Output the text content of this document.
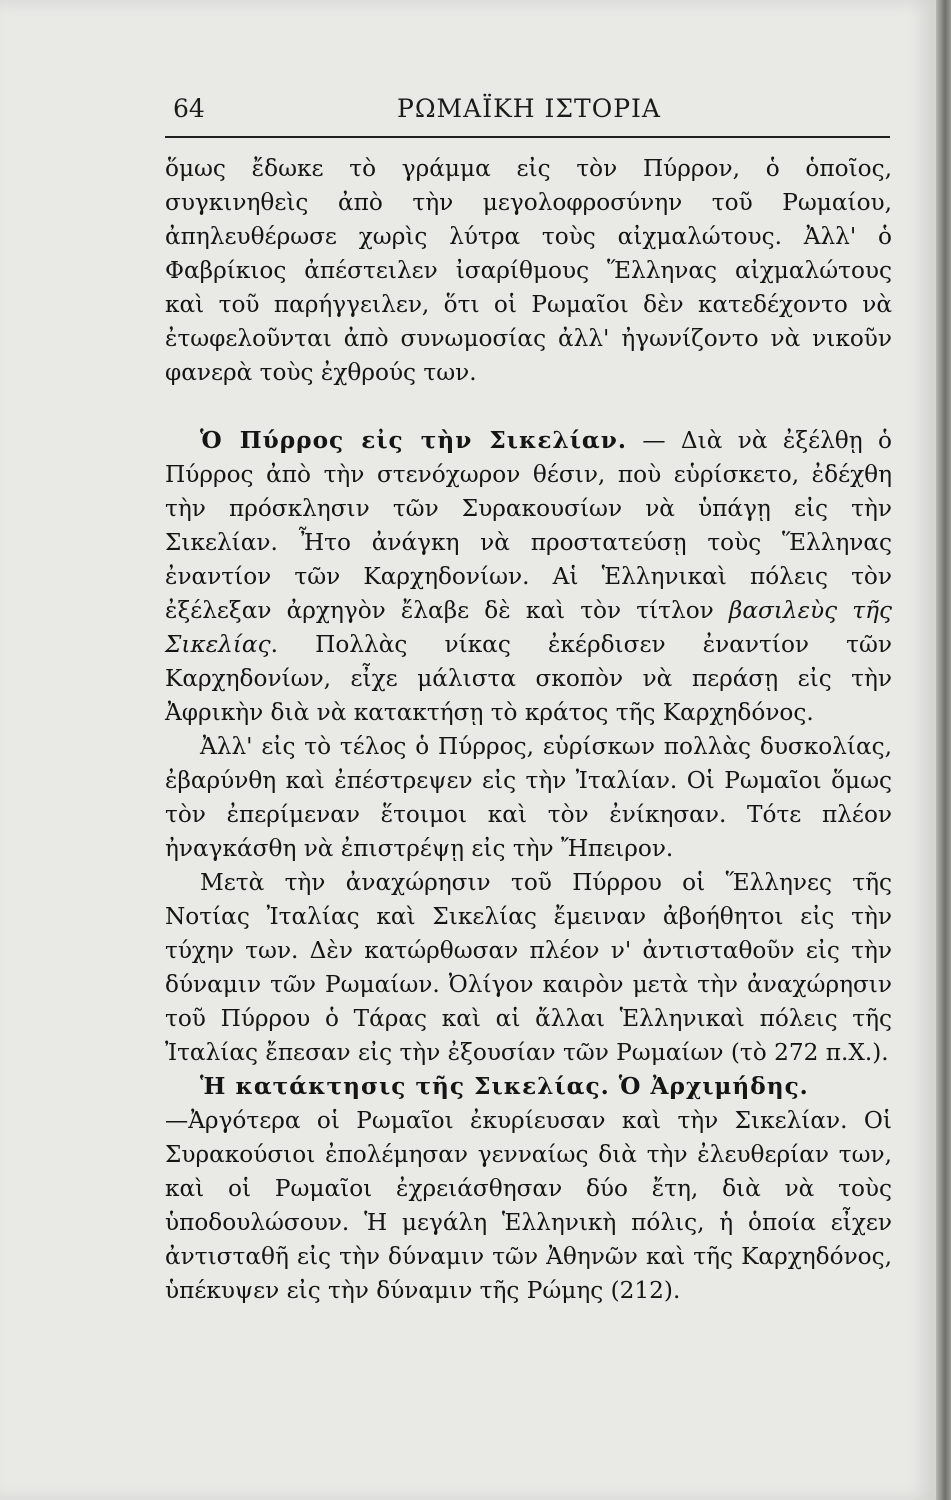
64	ΡΩΜΑΪΚΗ ΙΣΤΟΡΙΑ

ὅμως ἔδωκε τὸ γράμμα εἰς τὸν Πύρρον, ὁ ὁποῖος, συγκινηθεὶς ἀπὸ τὴν μεγολοφροσύνην τοῦ Ρωμαίου, ἀπηλευθέρωσε χωρὶς λύτρα τοὺς αἰχμαλώτους. Ἀλλ' ὁ Φαβρίκιος ἀπέστειλεν ἰσαρίθμους Ἕλληνας αἰχμαλώτους καὶ τοῦ παρήγγειλεν, ὅτι οἱ Ρωμαῖοι δὲν κατεδέχοντο νὰ ἐτωφελοῦνται ἀπὸ συνωμοσίας ἀλλ' ἠγωνίζοντο νὰ νικοῦν φανερὰ τοὺς ἐχθρούς των.

Ὁ Πύρρος εἰς τὴν Σικελίαν. — Διὰ νὰ ἐξέλθῃ ὁ Πύρρος ἀπὸ τὴν στενόχωρον θέσιν, ποὺ εὑρίσκετο, ἐδέχθη τὴν πρόσκλησιν τῶν Συρακουσίων νὰ ὑπάγῃ εἰς τὴν Σικελίαν. Ἦτο ἀνάγκη νὰ προστατεύσῃ τοὺς Ἕλληνας ἐναντίον τῶν Καρχηδονίων. Αἱ Ἑλληνικαὶ πόλεις τὸν ἐξέλεξαν ἀρχηγὸν ἔλαβε δὲ καὶ τὸν τίτλον βασιλεὺς τῆς Σικελίας. Πολλὰς νίκας ἐκέρδισεν ἐναντίον τῶν Καρχηδονίων, εἶχε μάλιστα σκοπὸν νὰ περάσῃ εἰς τὴν Ἀφρικὴν διὰ νὰ κατακτήσῃ τὸ κράτος τῆς Καρχηδόνος.

Ἀλλ' εἰς τὸ τέλος ὁ Πύρρος, εὑρίσκων πολλὰς δυσκολίας, ἐβαρύνθη καὶ ἐπέστρεψεν εἰς τὴν Ἰταλίαν. Οἱ Ρωμαῖοι ὅμως τὸν ἐπερίμεναν ἕτοιμοι καὶ τὸν ἐνίκησαν. Τότε πλέον ἠναγκάσθη νὰ ἐπιστρέψῃ εἰς τὴν Ἤπειρον.

Μετὰ τὴν ἀναχώρησιν τοῦ Πύρρου οἱ Ἕλληνες τῆς Νοτίας Ἰταλίας καὶ Σικελίας ἔμειναν ἀβοήθητοι εἰς τὴν τύχην των. Δὲν κατώρθωσαν πλέον ν' ἀντισταθοῦν εἰς τὴν δύναμιν τῶν Ρωμαίων. Ὀλίγον καιρὸν μετὰ τὴν ἀναχώρησιν τοῦ Πύρρου ὁ Τάρας καὶ αἱ ἄλλαι Ἑλληνικαὶ πόλεις τῆς Ἰταλίας ἔπεσαν εἰς τὴν ἐξουσίαν τῶν Ρωμαίων (τὸ 272 π.Χ.).

Ἡ κατάκτησις τῆς Σικελίας. Ὁ Ἀρχιμήδης.

—Ἀργότερα οἱ Ρωμαῖοι ἐκυρίευσαν καὶ τὴν Σικελίαν. Οἱ Συρακούσιοι ἐπολέμησαν γενναίως διὰ τὴν ἐλευθερίαν των, καὶ οἱ Ρωμαῖοι ἐχρειάσθησαν δύο ἔτη, διὰ νὰ τοὺς ὑποδουλώσουν. Ἡ μεγάλη Ἑλληνικὴ πόλις, ἡ ὁποία εἶχεν ἀντισταθῆ εἰς τὴν δύναμιν τῶν Ἀθηνῶν καὶ τῆς Καρχηδόνος, ὑπέκυψεν εἰς τὴν δύναμιν τῆς Ρώμης (212).
